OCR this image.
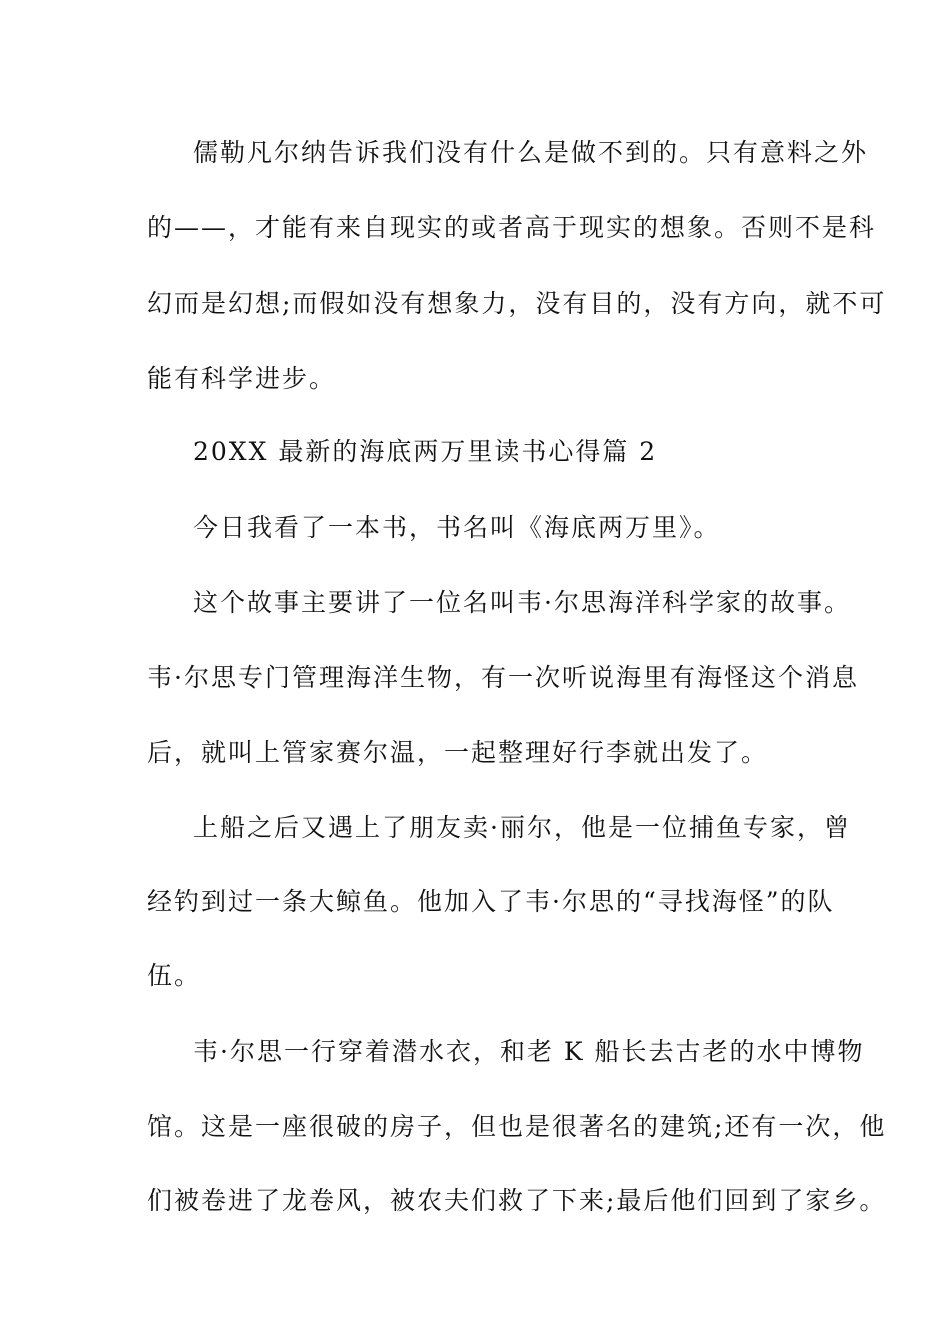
儒勒凡尔纳告诉我们没有什么是做不到的。只有意料之外
的——，才能有来自现实的或者高于现实的想象。否则不是科
幻而是幻想;而假如没有想象力，没有目的，没有方向，就不可
能有科学进步。
20XX 最新的海底两万里读书心得篇 2
今日我看了一本书，书名叫《海底两万里》。
这个故事主要讲了一位名叫韦·尔思海洋科学家的故事。
韦·尔思专门管理海洋生物，有一次听说海里有海怪这个消息
后，就叫上管家赛尔温，一起整理好行李就出发了。
上船之后又遇上了朋友卖·丽尔，他是一位捕鱼专家，曾
经钓到过一条大鲸鱼。他加入了韦·尔思的“寻找海怪”的队
伍。
韦·尔思一行穿着潜水衣，和老 K 船长去古老的水中博物
馆。这是一座很破的房子，但也是很著名的建筑;还有一次，他
们被卷进了龙卷风，被农夫们救了下来;最后他们回到了家乡。
